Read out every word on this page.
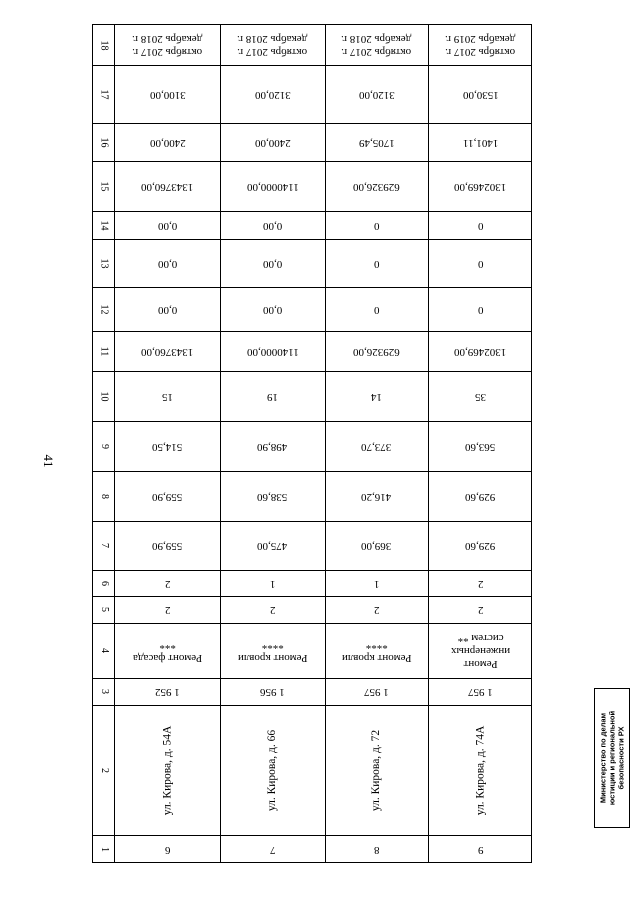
41
1
2
3
4
5
6
7
8
9
10
11
12
13
14
15
16
17
18
6
ул. Кирова, д. 54А
1 952
Ремонт фасада
***
2
2
559,90
559,90
514,50
15
1343760,00
0,00
0,00
0,00
1343760,00
2400,00
3100,00
октябрь 2017 г.
декабрь 2018 г.
7
ул. Кирова, д. 66
1 956
Ремонт кровли
****
2
1
475,00
538,60
498,90
19
1140000,00
0,00
0,00
0,00
1140000,00
2400,00
3120,00
октябрь 2017 г.
декабрь 2018 г.
8
ул. Кирова, д. 72
1 957
Ремонт кровли
****
2
1
369,00
416,20
373,70
14
629326,00
0
0
0
629326,00
1705,49
3120,00
октябрь 2017 г.
декабрь 2018 г.
9
ул. Кирова, д. 74А
1 957
Ремонт
инженерных
систем **
2
2
929,60
929,60
563,60
35
1302469,00
0
0
0
1302469,00
1401,11
1530,00
октябрь 2017 г.
декабрь 2019 г.
Министерство по делам юстиции и региональной безопасности РХ
